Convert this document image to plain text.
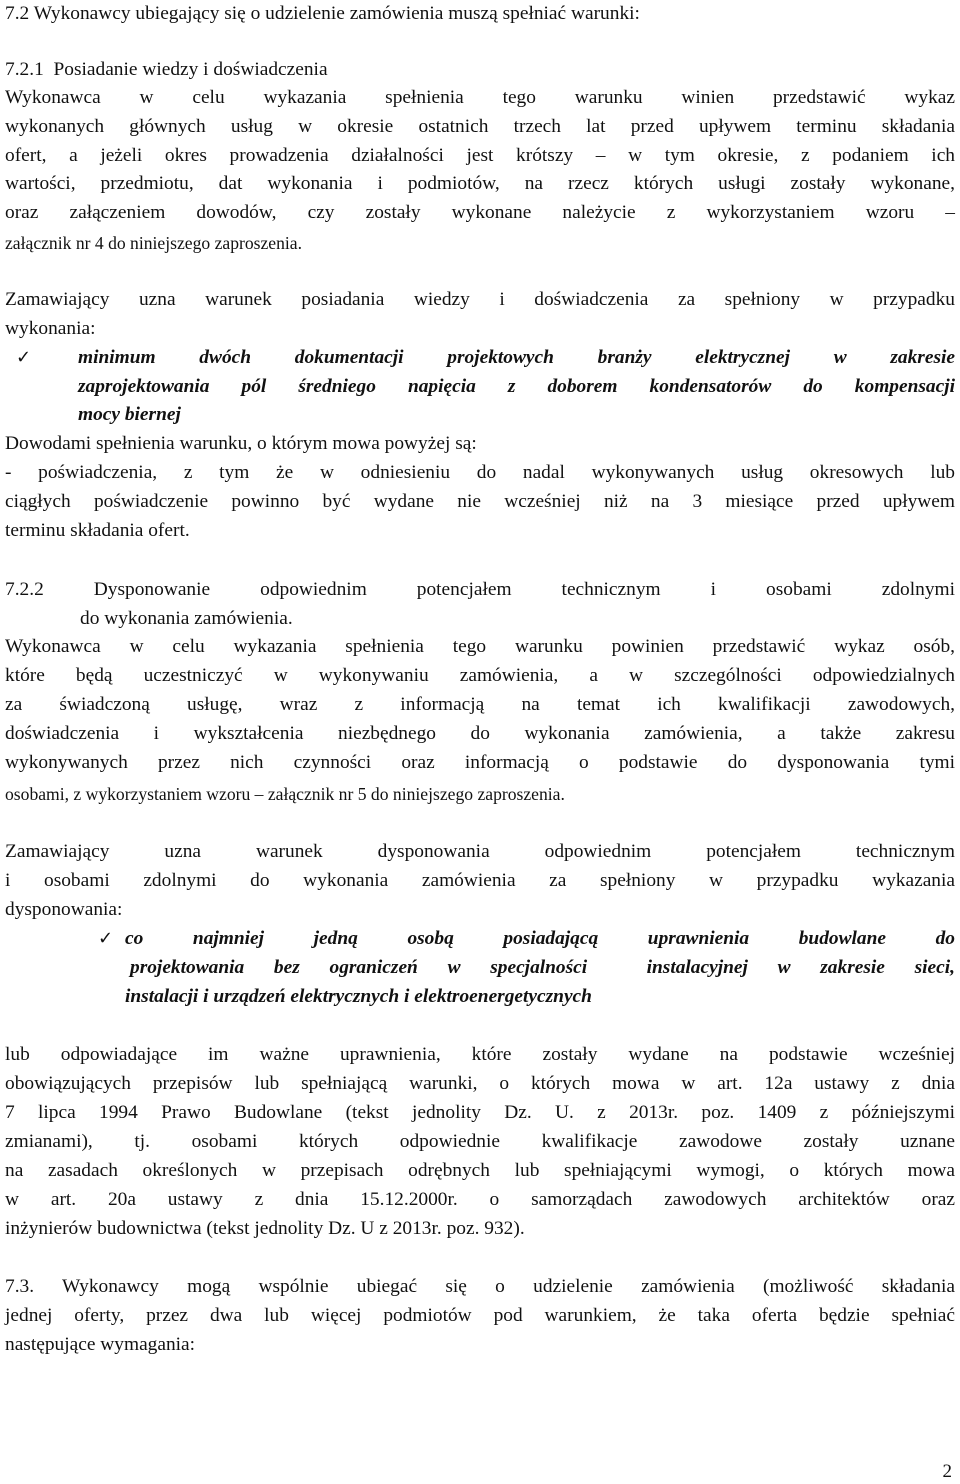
7.2 Wykonawcy ubiegający się o udzielenie zamówienia muszą spełniać warunki:
7.2.1  Posiadanie wiedzy i doświadczenia
Wykonawca w celu wykazania spełnienia tego warunku winien przedstawić wykaz
wykonanych głównych usług w okresie ostatnich trzech lat przed upływem terminu składania
ofert, a jeżeli okres prowadzenia działalności jest krótszy – w tym okresie, z podaniem ich
wartości, przedmiotu, dat wykonania i podmiotów, na rzecz których usługi zostały wykonane,
oraz załączeniem dowodów, czy zostały wykonane należycie z wykorzystaniem wzoru –
załącznik nr 4 do niniejszego zaproszenia.
Zamawiający uzna warunek posiadania wiedzy i doświadczenia za spełniony w przypadku
wykonania:
✓ minimum dwóch dokumentacji projektowych branży elektrycznej w zakresie
zaprojektowania pól średniego napięcia z doborem kondensatorów do kompensacji
mocy biernej
Dowodami spełnienia warunku, o którym mowa powyżej są:
- poświadczenia, z tym że w odniesieniu do nadal wykonywanych usług okresowych lub
ciągłych poświadczenie powinno być wydane nie wcześniej niż na 3 miesiące przed upływem
terminu składania ofert.
7.2.2 Dysponowanie odpowiednim potencjałem technicznym i osobami zdolnymi
do wykonania zamówienia.
Wykonawca w celu wykazania spełnienia tego warunku powinien przedstawić wykaz osób,
które będą uczestniczyć w wykonywaniu zamówienia, a w szczególności odpowiedzialnych
za świadczoną usługę, wraz z informacją na temat ich kwalifikacji zawodowych,
doświadczenia i wykształcenia niezbędnego do wykonania zamówienia, a także zakresu
wykonywanych przez nich czynności oraz informacją o podstawie do dysponowania tymi
osobami, z wykorzystaniem wzoru – załącznik nr 5 do niniejszego zaproszenia.
Zamawiający uzna warunek dysponowania odpowiednim potencjałem technicznym
i osobami zdolnymi do wykonania zamówienia za spełniony w przypadku wykazania
dysponowania:
✓ co najmniej jedną osobą posiadającą uprawnienia budowlane do
projektowania bez ograniczeń w specjalności  instalacyjnej w zakresie sieci,
instalacji i urządzeń elektrycznych i elektroenergetycznych
lub odpowiadające im ważne uprawnienia, które zostały wydane na podstawie wcześniej
obowiązujących przepisów lub spełniającą warunki, o których mowa w art. 12a ustawy z dnia
7 lipca 1994 Prawo Budowlane (tekst jednolity Dz. U. z 2013r. poz. 1409 z późniejszymi
zmianami), tj. osobami których odpowiednie kwalifikacje zawodowe zostały uznane
na zasadach określonych w przepisach odrębnych lub spełniającymi wymogi, o których mowa
w art. 20a ustawy z dnia 15.12.2000r. o samorządach zawodowych architektów oraz
inżynierów budownictwa (tekst jednolity Dz. U z 2013r. poz. 932).
7.3. Wykonawcy mogą wspólnie ubiegać się o udzielenie zamówienia (możliwość składania
jednej oferty, przez dwa lub więcej podmiotów pod warunkiem, że taka oferta będzie spełniać
następujące wymagania:
2
